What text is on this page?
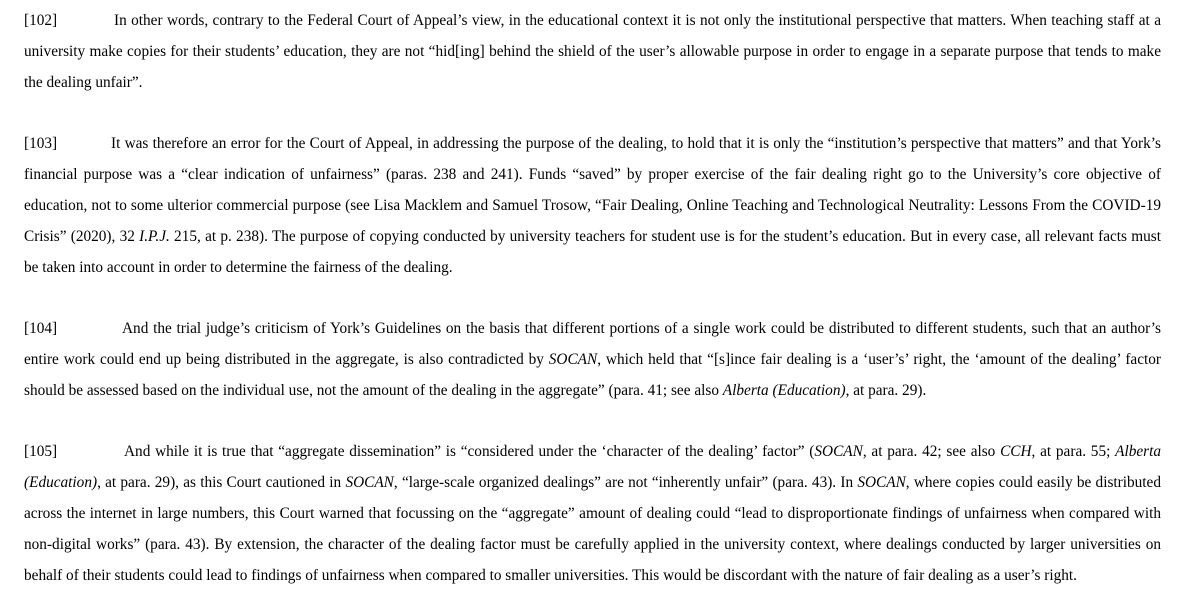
[102]	In other words, contrary to the Federal Court of Appeal’s view, in the educational context it is not only the institutional perspective that matters. When teaching staff at a university make copies for their students’ education, they are not “hid[ing] behind the shield of the user’s allowable purpose in order to engage in a separate purpose that tends to make the dealing unfair”.

[103]	It was therefore an error for the Court of Appeal, in addressing the purpose of the dealing, to hold that it is only the “institution’s perspective that matters” and that York’s financial purpose was a “clear indication of unfairness” (paras. 238 and 241). Funds “saved” by proper exercise of the fair dealing right go to the University’s core objective of education, not to some ulterior commercial purpose (see Lisa Macklem and Samuel Trosow, “Fair Dealing, Online Teaching and Technological Neutrality: Lessons From the COVID-19 Crisis” (2020), 32 I.P.J. 215, at p. 238). The purpose of copying conducted by university teachers for student use is for the student’s education. But in every case, all relevant facts must be taken into account in order to determine the fairness of the dealing.

[104]	And the trial judge’s criticism of York’s Guidelines on the basis that different portions of a single work could be distributed to different students, such that an author’s entire work could end up being distributed in the aggregate, is also contradicted by SOCAN, which held that “[s]ince fair dealing is a ‘user’s’ right, the ‘amount of the dealing’ factor should be assessed based on the individual use, not the amount of the dealing in the aggregate” (para. 41; see also Alberta (Education), at para. 29).

[105]	And while it is true that “aggregate dissemination” is “considered under the ‘character of the dealing’ factor” (SOCAN, at para. 42; see also CCH, at para. 55; Alberta (Education), at para. 29), as this Court cautioned in SOCAN, “large-scale organized dealings” are not “inherently unfair” (para. 43). In SOCAN, where copies could easily be distributed across the internet in large numbers, this Court warned that focussing on the “aggregate” amount of dealing could “lead to disproportionate findings of unfairness when compared with non-digital works” (para. 43). By extension, the character of the dealing factor must be carefully applied in the university context, where dealings conducted by larger universities on behalf of their students could lead to findings of unfairness when compared to smaller universities. This would be discordant with the nature of fair dealing as a user’s right.
